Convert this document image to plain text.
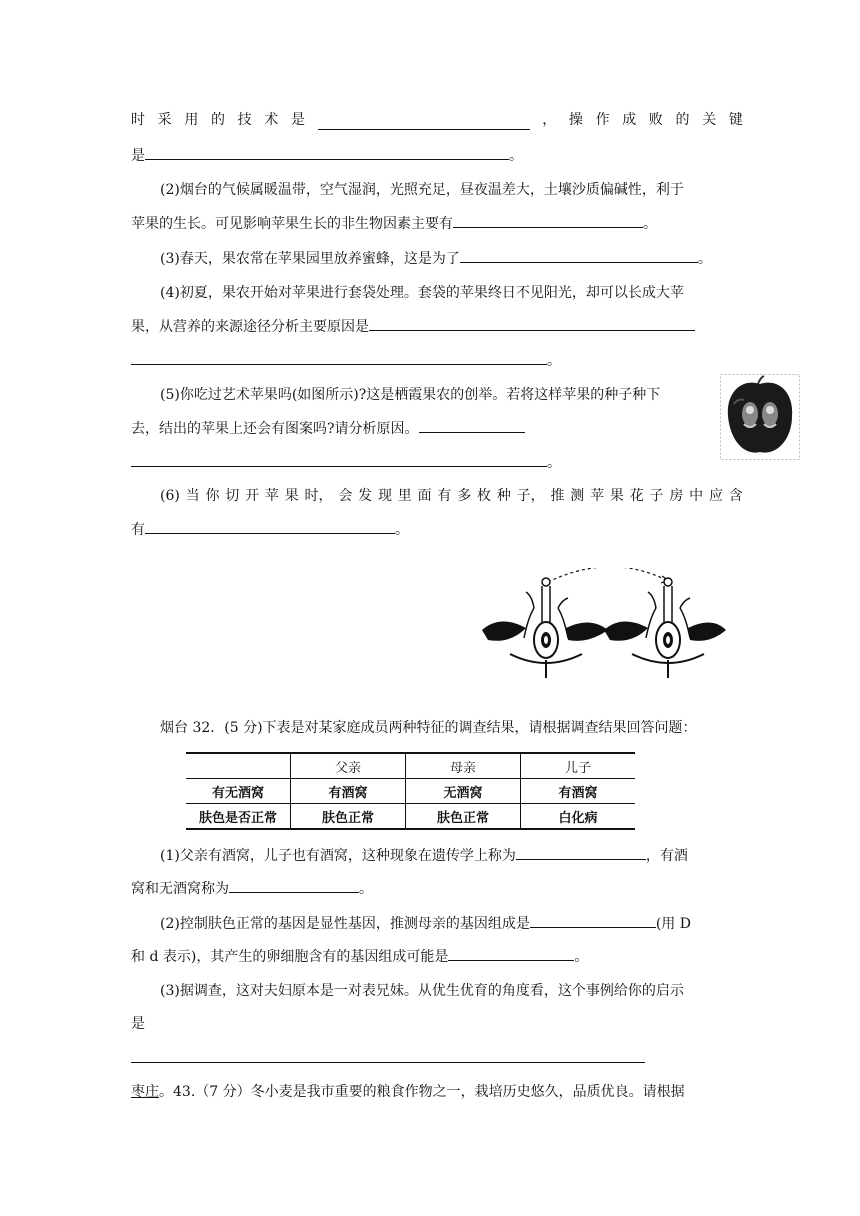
时 采 用 的 技 术 是	， 操 作 成 败 的 关 键
是	。
(2)烟台的气候属暖温带，空气湿润，光照充足，昼夜温差大，土壤沙质偏碱性，利于
苹果的生长。可见影响苹果生长的非生物因素主要有	。
(3)春天，果农常在苹果园里放养蜜蜂，这是为了	。
(4)初夏，果农开始对苹果进行套袋处理。套袋的苹果终日不见阳光，却可以长成大苹
果，从营养的来源途径分析主要原因是
。
(5)你吃过艺术苹果吗(如图所示)?这是栖霞果农的创举。若将这样苹果的种子种下
去，结出的苹果上还会有图案吗?请分析原因。
。
(6) 当 你 切 开 苹 果 时， 会 发 现 里 面 有 多 枚 种 子， 推 测 苹 果 花 子 房 中 应 含
有	。
烟台 32．(5 分)下表是对某家庭成员两种特征的调查结果，请根据调查结果回答问题：
	父亲	母亲	儿子
有无酒窝	有酒窝	无酒窝	有酒窝
肤色是否正常	肤色正常	肤色正常	白化病
(1)父亲有酒窝，儿子也有酒窝，这种现象在遗传学上称为	，有酒
窝和无酒窝称为	。
(2)控制肤色正常的基因是显性基因，推测母亲的基因组成是	(用 D
和 d 表示)，其产生的卵细胞含有的基因组成可能是	。
(3)据调查，这对夫妇原本是一对表兄妹。从优生优育的角度看，这个事例给你的启示
是
枣庄。43.（7 分）冬小麦是我市重要的粮食作物之一，栽培历史悠久，品质优良。请根据
